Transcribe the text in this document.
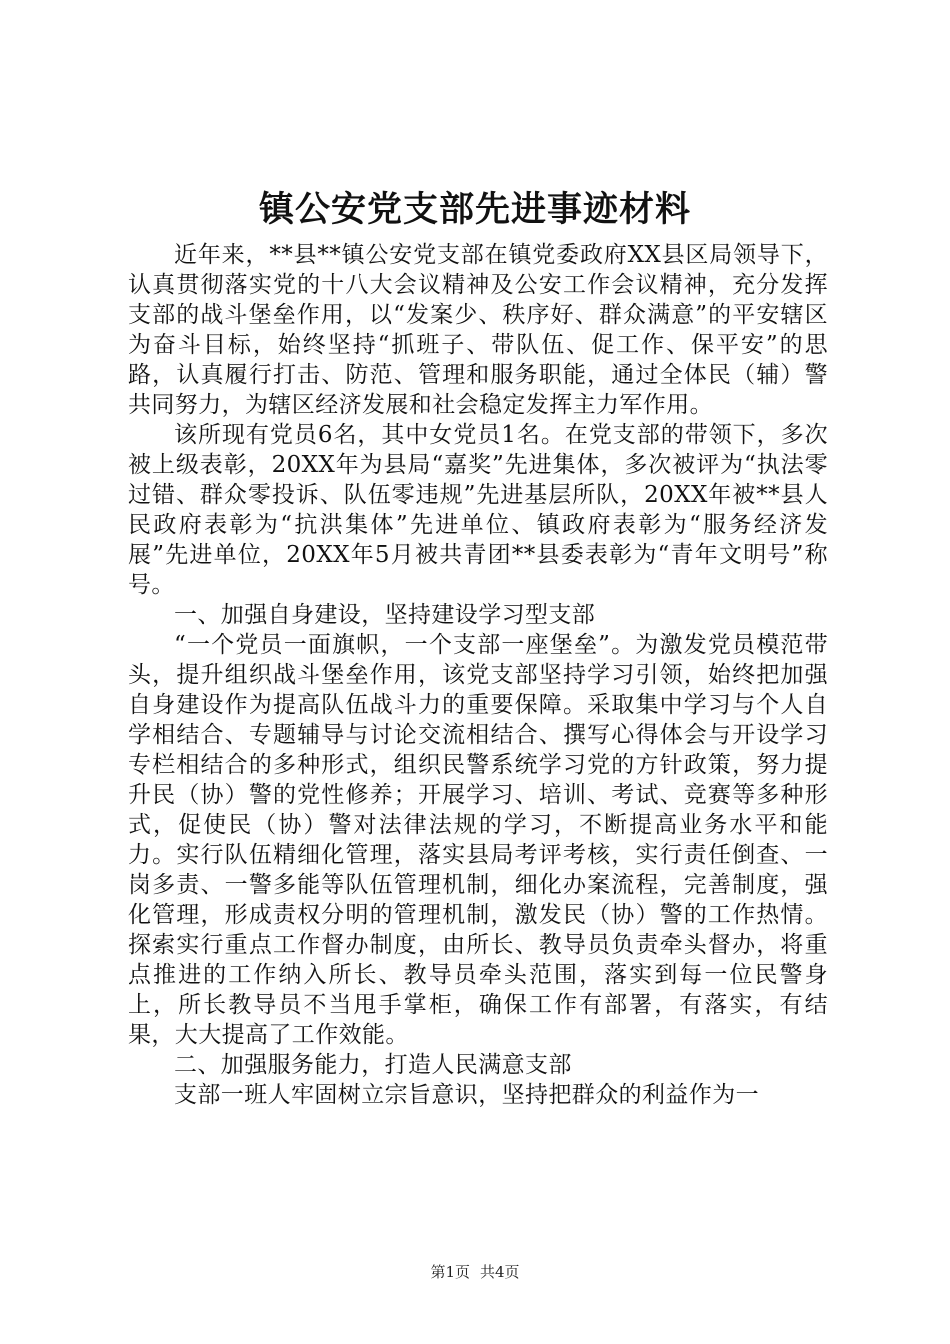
镇公安党支部先进事迹材料

近年来，**县**镇公安党支部在镇党委政府XX县区局领导下，认真贯彻落实党的十八大会议精神及公安工作会议精神，充分发挥支部的战斗堡垒作用，以“发案少、秩序好、群众满意”的平安辖区为奋斗目标，始终坚持“抓班子、带队伍、促工作、保平安”的思路，认真履行打击、防范、管理和服务职能，通过全体民（辅）警共同努力，为辖区经济发展和社会稳定发挥主力军作用。

该所现有党员6名，其中女党员1名。在党支部的带领下，多次被上级表彰，20XX年为县局“嘉奖”先进集体，多次被评为“执法零过错、群众零投诉、队伍零违规”先进基层所队，20XX年被**县人民政府表彰为“抗洪集体”先进单位、镇政府表彰为“服务经济发展”先进单位，20XX年5月被共青团**县委表彰为“青年文明号”称号。

一、加强自身建设，坚持建设学习型支部

“一个党员一面旗帜，一个支部一座堡垒”。为激发党员模范带头，提升组织战斗堡垒作用，该党支部坚持学习引领，始终把加强自身建设作为提高队伍战斗力的重要保障。采取集中学习与个人自学相结合、专题辅导与讨论交流相结合、撰写心得体会与开设学习专栏相结合的多种形式，组织民警系统学习党的方针政策，努力提升民（协）警的党性修养；开展学习、培训、考试、竞赛等多种形式，促使民（协）警对法律法规的学习，不断提高业务水平和能力。实行队伍精细化管理，落实县局考评考核，实行责任倒查、一岗多责、一警多能等队伍管理机制，细化办案流程，完善制度，强化管理，形成责权分明的管理机制，激发民（协）警的工作热情。探索实行重点工作督办制度，由所长、教导员负责牵头督办，将重点推进的工作纳入所长、教导员牵头范围，落实到每一位民警身上，所长教导员不当甩手掌柜，确保工作有部署，有落实，有结果，大大提高了工作效能。

二、加强服务能力，打造人民满意支部

支部一班人牢固树立宗旨意识，坚持把群众的利益作为一

第1页 共4页
